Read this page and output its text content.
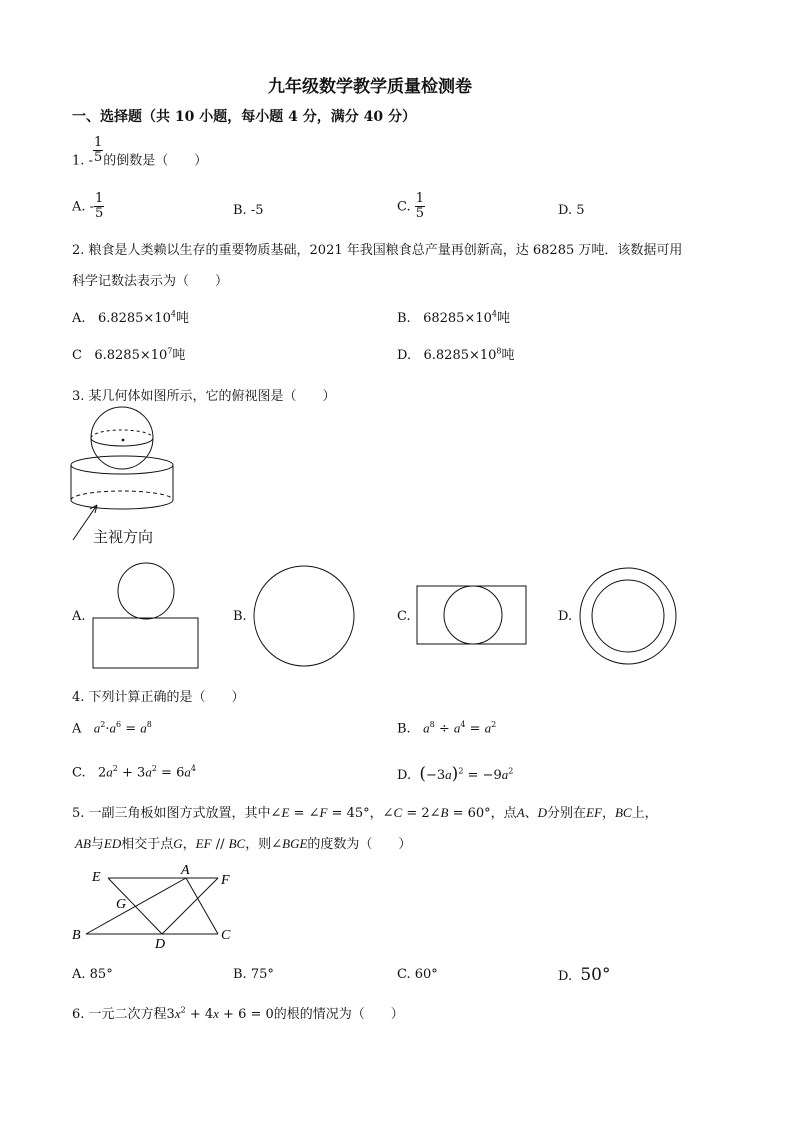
九年级数学教学质量检测卷
一、选择题（共 10 小题，每小题 4 分，满分 40 分）
1. - $\frac{1}{5}$ 的倒数是（　　）
A. - $\frac{1}{5}$	B. -5	C. $\frac{1}{5}$	D. 5
2. 粮食是人类赖以生存的重要物质基础，2021 年我国粮食总产量再创新高，达 68285 万吨．该数据可用
科学记数法表示为（　　）
A. $6.8285\times 10^4$吨	B. $68285\times 10^4$吨
C $6.8285\times 10^7$吨	D. $6.8285\times 10^8$吨
3. 某几何体如图所示，它的俯视图是（　　）
主视方向
A.	B.	C.	D.
4. 下列计算正确的是（　　）
A $a^2\cdot a^6 = a^8$	B. $a^8 \div a^4 = a^2$
C.   $2a^2 + 3a^2 = 6a^4$	D. $(-3a)^2 = -9a^2$
5. 一副三角板如图方式放置，其中∠E = ∠F = 45°，∠C = 2∠B = 60°，点A、D分别在EF，BC上，
AB与ED相交于点G，EF // BC，则∠BGE的度数为（　　）
E	A
F
G
B
D
C
A. 85°	B. 75°	C. 60°	D. 50°
6. 一元二次方程$3x^2 + 4x + 6 = 0$的根的情况为（　　）
